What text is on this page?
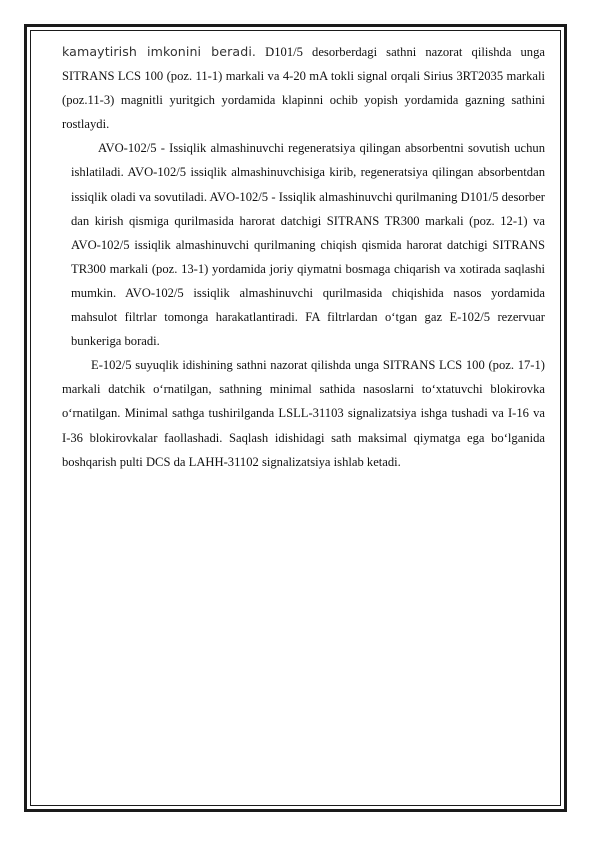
kamaytirish imkonini beradi. D101/5 desorberdagi sathni nazorat qilishda unga SITRANS LCS 100 (poz. 11-1) markali va 4-20 mA tokli signal orqali Sirius 3RT2035 markali (poz.11-3) magnitli yuritgich yordamida klapinni ochib yopish yordamida gazning sathini rostlaydi.

AVO-102/5 - Issiqlik almashinuvchi regeneratsiya qilingan absorbentni sovutish uchun ishlatiladi. AVO-102/5 issiqlik almashinuvchisiga kirib, regeneratsiya qilingan absorbentdan issiqlik oladi va sovutiladi. AVO-102/5 - Issiqlik almashinuvchi qurilmaning D101/5 desorber dan kirish qismiga qurilmasida harorat datchigi SITRANS TR300 markali (poz. 12-1) va AVO-102/5 issiqlik almashinuvchi qurilmaning chiqish qismida harorat datchigi SITRANS TR300 markali (poz. 13-1) yordamida joriy qiymatni bosmaga chiqarish va xotirada saqlashi mumkin. AVO-102/5 issiqlik almashinuvchi qurilmasida chiqishida nasos yordamida mahsulot filtrlar tomonga harakatlantiradi. FA filtrlardan o‘tgan gaz E-102/5 rezervuar bunkeriga boradi.

E-102/5 suyuqlik idishining sathni nazorat qilishda unga SITRANS LCS 100 (poz. 17-1) markali datchik o‘rnatilgan, sathning minimal sathida nasoslarni to‘xtatuvchi blokirovka o‘rnatilgan. Minimal sathga tushirilganda LSLL-31103 signalizatsiya ishga tushadi va I-16 va I-36 blokirovkalar faollashadi. Saqlash idishidagi sath maksimal qiymatga ega bo‘lganida boshqarish pulti DCS da LAHH-31102 signalizatsiya ishlab ketadi.
